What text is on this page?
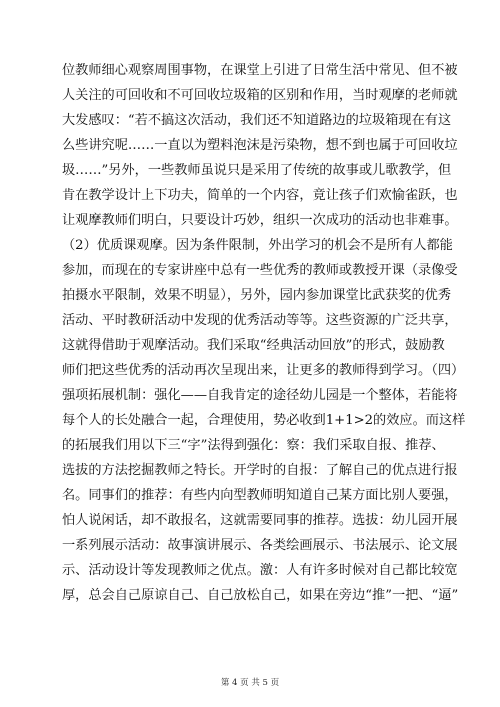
位教师细心观察周围事物，在课堂上引进了日常生活中常见、但不被

人关注的可回收和不可回收垃圾箱的区别和作用，当时观摩的老师就

大发感叹：“若不搞这次活动，我们还不知道路边的垃圾箱现在有这

么些讲究呢……一直以为塑料泡沫是污染物，想不到也属于可回收垃

圾……”另外，一些教师虽说只是采用了传统的故事或儿歌教学，但

肯在教学设计上下功夫，简单的一个内容，竟让孩子们欢愉雀跃，也

让观摩教师们明白，只要设计巧妙，组织一次成功的活动也非难事。

（2）优质课观摩。因为条件限制，外出学习的机会不是所有人都能

参加，而现在的专家讲座中总有一些优秀的教师或教授开课（录像受

拍摄水平限制，效果不明显），另外，园内参加课堂比武获奖的优秀

活动、平时教研活动中发现的优秀活动等等。这些资源的广泛共享，

这就得借助于观摩活动。我们采取“经典活动回放”的形式，鼓励教

师们把这些优秀的活动再次呈现出来，让更多的教师得到学习。（四）

强项拓展机制：强化——自我肯定的途径幼儿园是一个整体，若能将

每个人的长处融合一起，合理使用，势必收到1+1>2的效应。而这样

的拓展我们用以下三“字”法得到强化：察：我们采取自报、推荐、

选拔的方法挖掘教师之特长。开学时的自报：了解自己的优点进行报

名。同事们的推荐：有些内向型教师明知道自己某方面比别人要强，

怕人说闲话，却不敢报名，这就需要同事的推荐。选拔：幼儿园开展

一系列展示活动：故事演讲展示、各类绘画展示、书法展示、论文展

示、活动设计等发现教师之优点。激：人有许多时候对自己都比较宽

厚，总会自己原谅自己、自己放松自己，如果在旁边“推”一把、“逼”

第 4 页 共 5 页
